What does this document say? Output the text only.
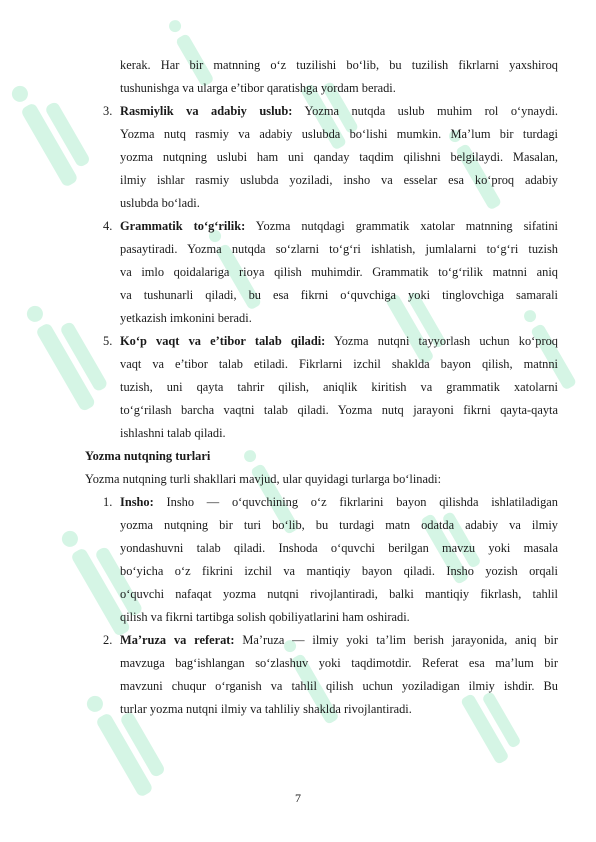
kerak. Har bir matnning o‘z tuzilishi bo‘lib, bu tuzilish fikrlarni yaxshiroq
tushunishga va ularga e’tibor qaratishga yordam beradi.
3. Rasmiylik va adabiy uslub: Yozma nutqda uslub muhim rol o‘ynaydi.
Yozma nutq rasmiy va adabiy uslubda bo‘lishi mumkin. Ma’lum bir turdagi
yozma nutqning uslubi ham uni qanday taqdim qilishni belgilaydi. Masalan,
ilmiy ishlar rasmiy uslubda yoziladi, insho va esselar esa ko‘proq adabiy
uslubda bo‘ladi.
4. Grammatik to‘g‘rilik: Yozma nutqdagi grammatik xatolar matnning sifatini
pasaytiradi. Yozma nutqda so‘zlarni to‘g‘ri ishlatish, jumlalarni to‘g‘ri tuzish
va imlo qoidalariga rioya qilish muhimdir. Grammatik to‘g‘rilik matnni aniq
va tushunarli qiladi, bu esa fikrni o‘quvchiga yoki tinglovchiga samarali
yetkazish imkonini beradi.
5. Ko‘p vaqt va e’tibor talab qiladi: Yozma nutqni tayyorlash uchun ko‘proq
vaqt va e’tibor talab etiladi. Fikrlarni izchil shaklda bayon qilish, matnni
tuzish, uni qayta tahrir qilish, aniqlik kiritish va grammatik xatolarni
to‘g‘rilash barcha vaqtni talab qiladi. Yozma nutq jarayoni fikrni qayta-qayta
ishlashni talab qiladi.
Yozma nutqning turlari
Yozma nutqning turli shakllari mavjud, ular quyidagi turlarga bo‘linadi:
1. Insho: Insho — o‘quvchining o‘z fikrlarini bayon qilishda ishlatiladigan
yozma nutqning bir turi bo‘lib, bu turdagi matn odatda adabiy va ilmiy
yondashuvni talab qiladi. Inshoda o‘quvchi berilgan mavzu yoki masala
bo‘yicha o‘z fikrini izchil va mantiqiy bayon qiladi. Insho yozish orqali
o‘quvchi nafaqat yozma nutqni rivojlantiradi, balki mantiqiy fikrlash, tahlil
qilish va fikrni tartibga solish qobiliyatlarini ham oshiradi.
2. Ma’ruza va referat: Ma’ruza — ilmiy yoki ta’lim berish jarayonida, aniq bir
mavzuga bag‘ishlangan so‘zlashuv yoki taqdimotdir. Referat esa ma’lum bir
mavzuni chuqur o‘rganish va tahlil qilish uchun yoziladigan ilmiy ishdir. Bu
turlar yozma nutqni ilmiy va tahliliy shaklda rivojlantiradi.
7
